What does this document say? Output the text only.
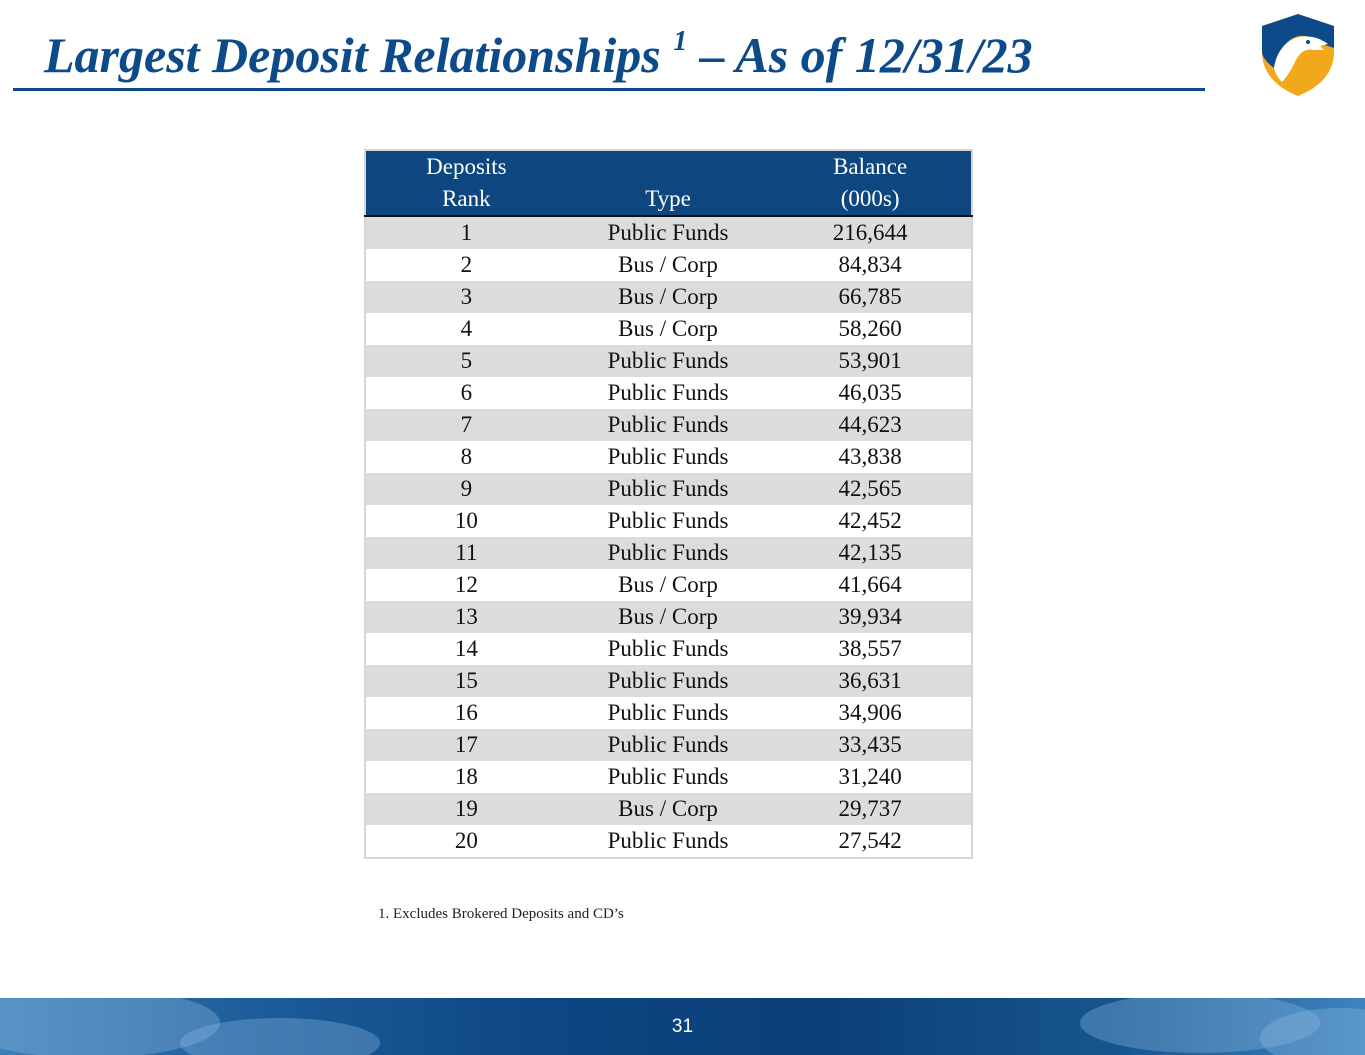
Largest Deposit Relationships $^1$ – As of 12/31/23
Deposits		Balance
Rank	Type	(000s)
1	Public Funds	216,644
2	Bus / Corp	84,834
3	Bus / Corp	66,785
4	Bus / Corp	58,260
5	Public Funds	53,901
6	Public Funds	46,035
7	Public Funds	44,623
8	Public Funds	43,838
9	Public Funds	42,565
10	Public Funds	42,452
11	Public Funds	42,135
12	Bus / Corp	41,664
13	Bus / Corp	39,934
14	Public Funds	38,557
15	Public Funds	36,631
16	Public Funds	34,906
17	Public Funds	33,435
18	Public Funds	31,240
19	Bus / Corp	29,737
20	Public Funds	27,542
1. Excludes Brokered Deposits and CD’s
31
